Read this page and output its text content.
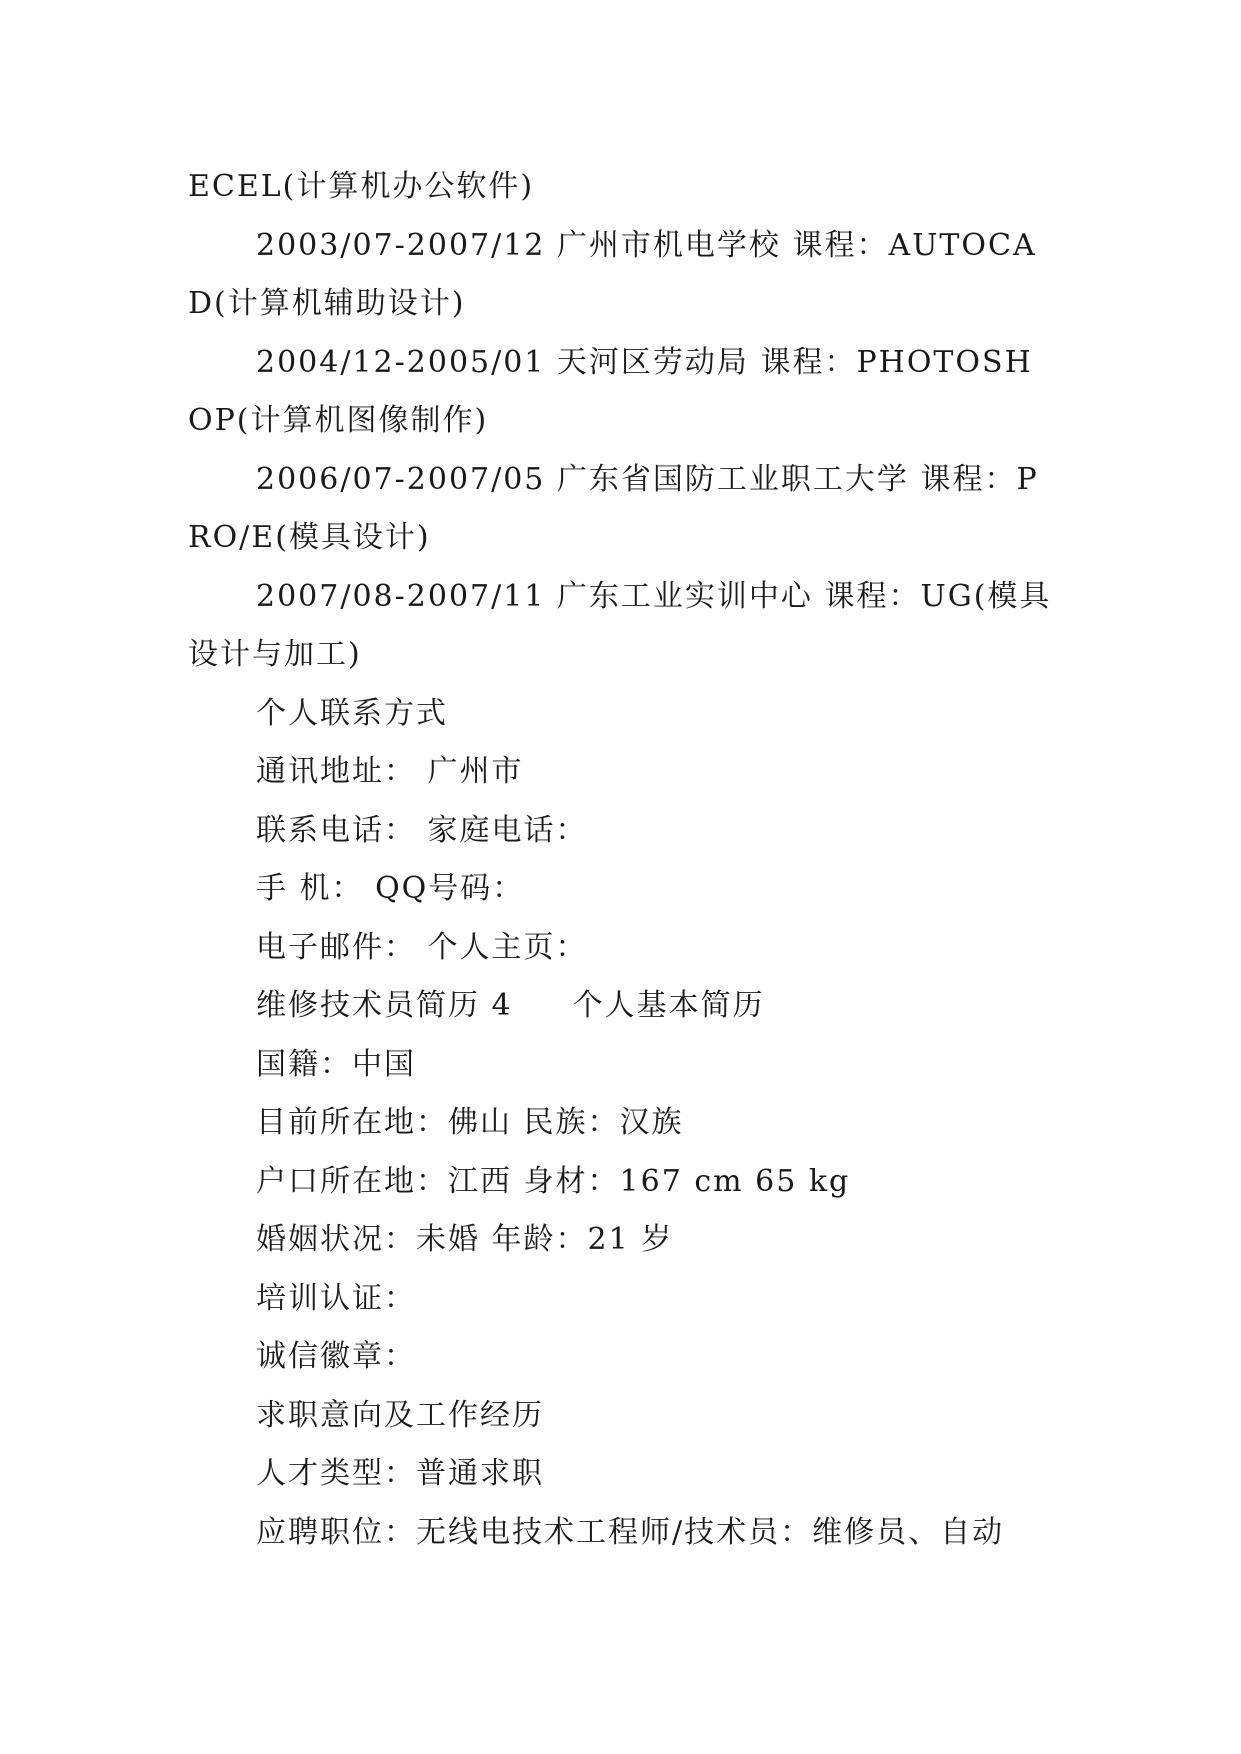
ECEL(计算机办公软件)

2003/07-2007/12 广州市机电学校 课程：AUTOCAD(计算机辅助设计)

2004/12-2005/01 天河区劳动局 课程：PHOTOSHOP(计算机图像制作)

2006/07-2007/05 广东省国防工业职工大学 课程：PRO/E(模具设计)

2007/08-2007/11 广东工业实训中心 课程：UG(模具设计与加工)

个人联系方式

通讯地址： 广州市

联系电话： 家庭电话：

手 机： QQ号码：

电子邮件： 个人主页：

维修技术员简历 4 个人基本简历

国籍：中国

目前所在地：佛山 民族：汉族

户口所在地：江西 身材：167 cm 65 kg

婚姻状况：未婚 年龄：21 岁

培训认证：

诚信徽章：

求职意向及工作经历

人才类型：普通求职

应聘职位：无线电技术工程师/技术员：维修员、自动
